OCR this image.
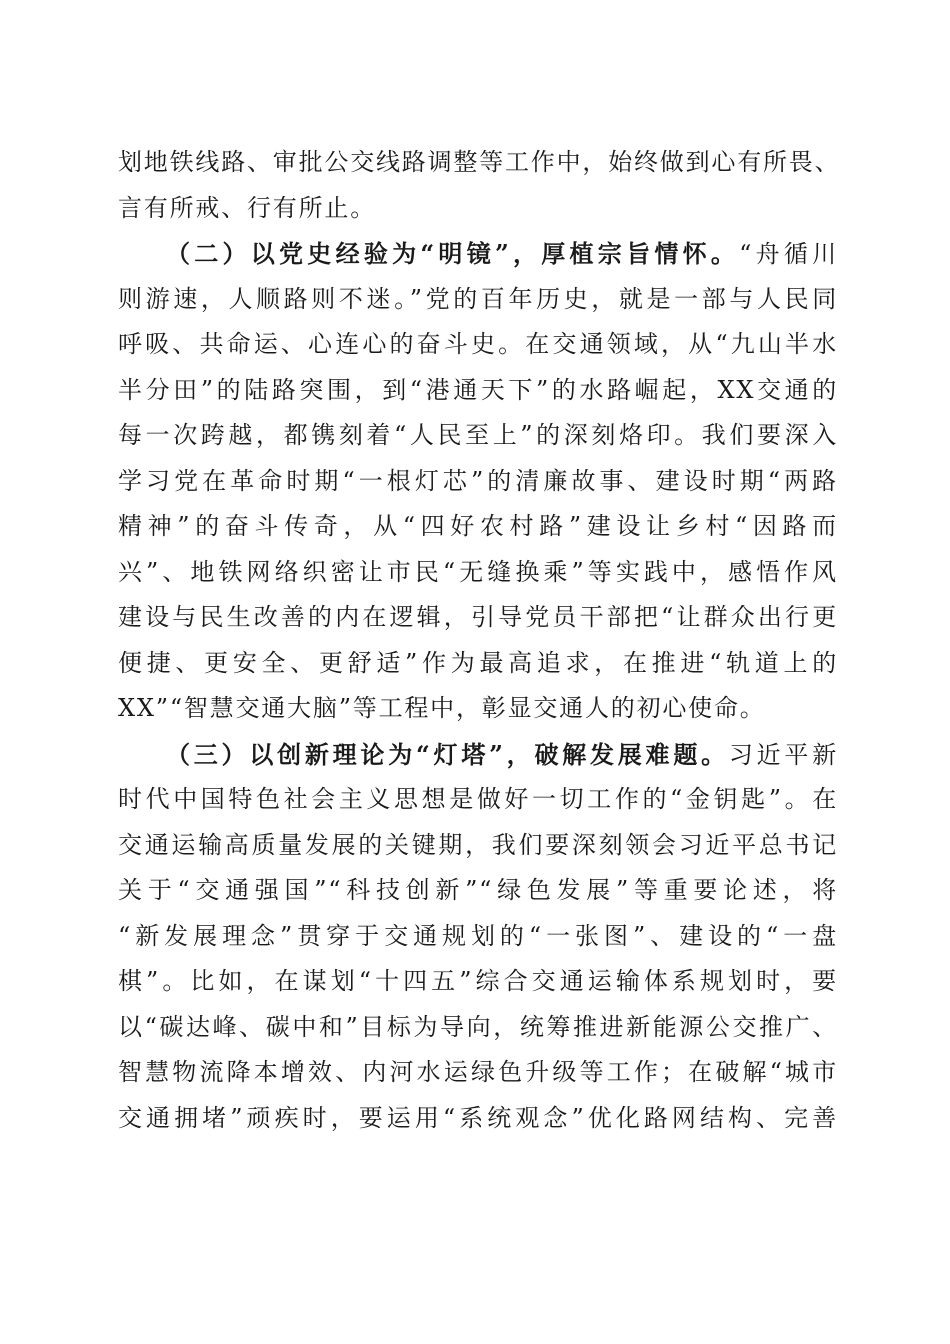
划地铁线路、审批公交线路调整等工作中，始终做到心有所畏、
言有所戒、行有所止。
（二）以党史经验为“明镜”，厚植宗旨情怀。“舟循川
则游速，人顺路则不迷。”党的百年历史，就是一部与人民同
呼吸、共命运、心连心的奋斗史。在交通领域，从“九山半水
半分田”的陆路突围，到“港通天下”的水路崛起，XX交通的
每一次跨越，都镌刻着“人民至上”的深刻烙印。我们要深入
学习党在革命时期“一根灯芯”的清廉故事、建设时期“两路
精神”的奋斗传奇，从“四好农村路”建设让乡村“因路而
兴”、地铁网络织密让市民“无缝换乘”等实践中，感悟作风
建设与民生改善的内在逻辑，引导党员干部把“让群众出行更
便捷、更安全、更舒适”作为最高追求，在推进“轨道上的
XX”“智慧交通大脑”等工程中，彰显交通人的初心使命。
（三）以创新理论为“灯塔”，破解发展难题。习近平新
时代中国特色社会主义思想是做好一切工作的“金钥匙”。在
交通运输高质量发展的关键期，我们要深刻领会习近平总书记
关于“交通强国”“科技创新”“绿色发展”等重要论述，将
“新发展理念”贯穿于交通规划的“一张图”、建设的“一盘
棋”。比如，在谋划“十四五”综合交通运输体系规划时，要
以“碳达峰、碳中和”目标为导向，统筹推进新能源公交推广、
智慧物流降本增效、内河水运绿色升级等工作；在破解“城市
交通拥堵”顽疾时，要运用“系统观念”优化路网结构、完善
